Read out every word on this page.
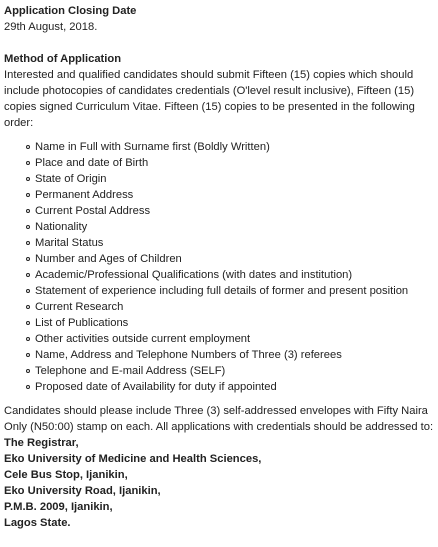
Application Closing Date

29th August, 2018.

Method of Application

Interested and qualified candidates should submit Fifteen (15) copies which should include photocopies of candidates credentials (O'level result inclusive), Fifteen (15) copies signed Curriculum Vitae. Fifteen (15) copies to be presented in the following order:

Name in Full with Surname first (Boldly Written)
Place and date of Birth
State of Origin
Permanent Address
Current Postal Address
Nationality
Marital Status
Number and Ages of Children
Academic/Professional Qualifications (with dates and institution)
Statement of experience including full details of former and present position
Current Research
List of Publications
Other activities outside current employment
Name, Address and Telephone Numbers of Three (3) referees
Telephone and E-mail Address (SELF)
Proposed date of Availability for duty if appointed

Candidates should please include Three (3) self-addressed envelopes with Fifty Naira Only (N50:00) stamp on each. All applications with credentials should be addressed to:

The Registrar,

Eko University of Medicine and Health Sciences,

Cele Bus Stop, Ijanikin,

Eko University Road, Ijanikin,

P.M.B. 2009, Ijanikin,

Lagos State.
